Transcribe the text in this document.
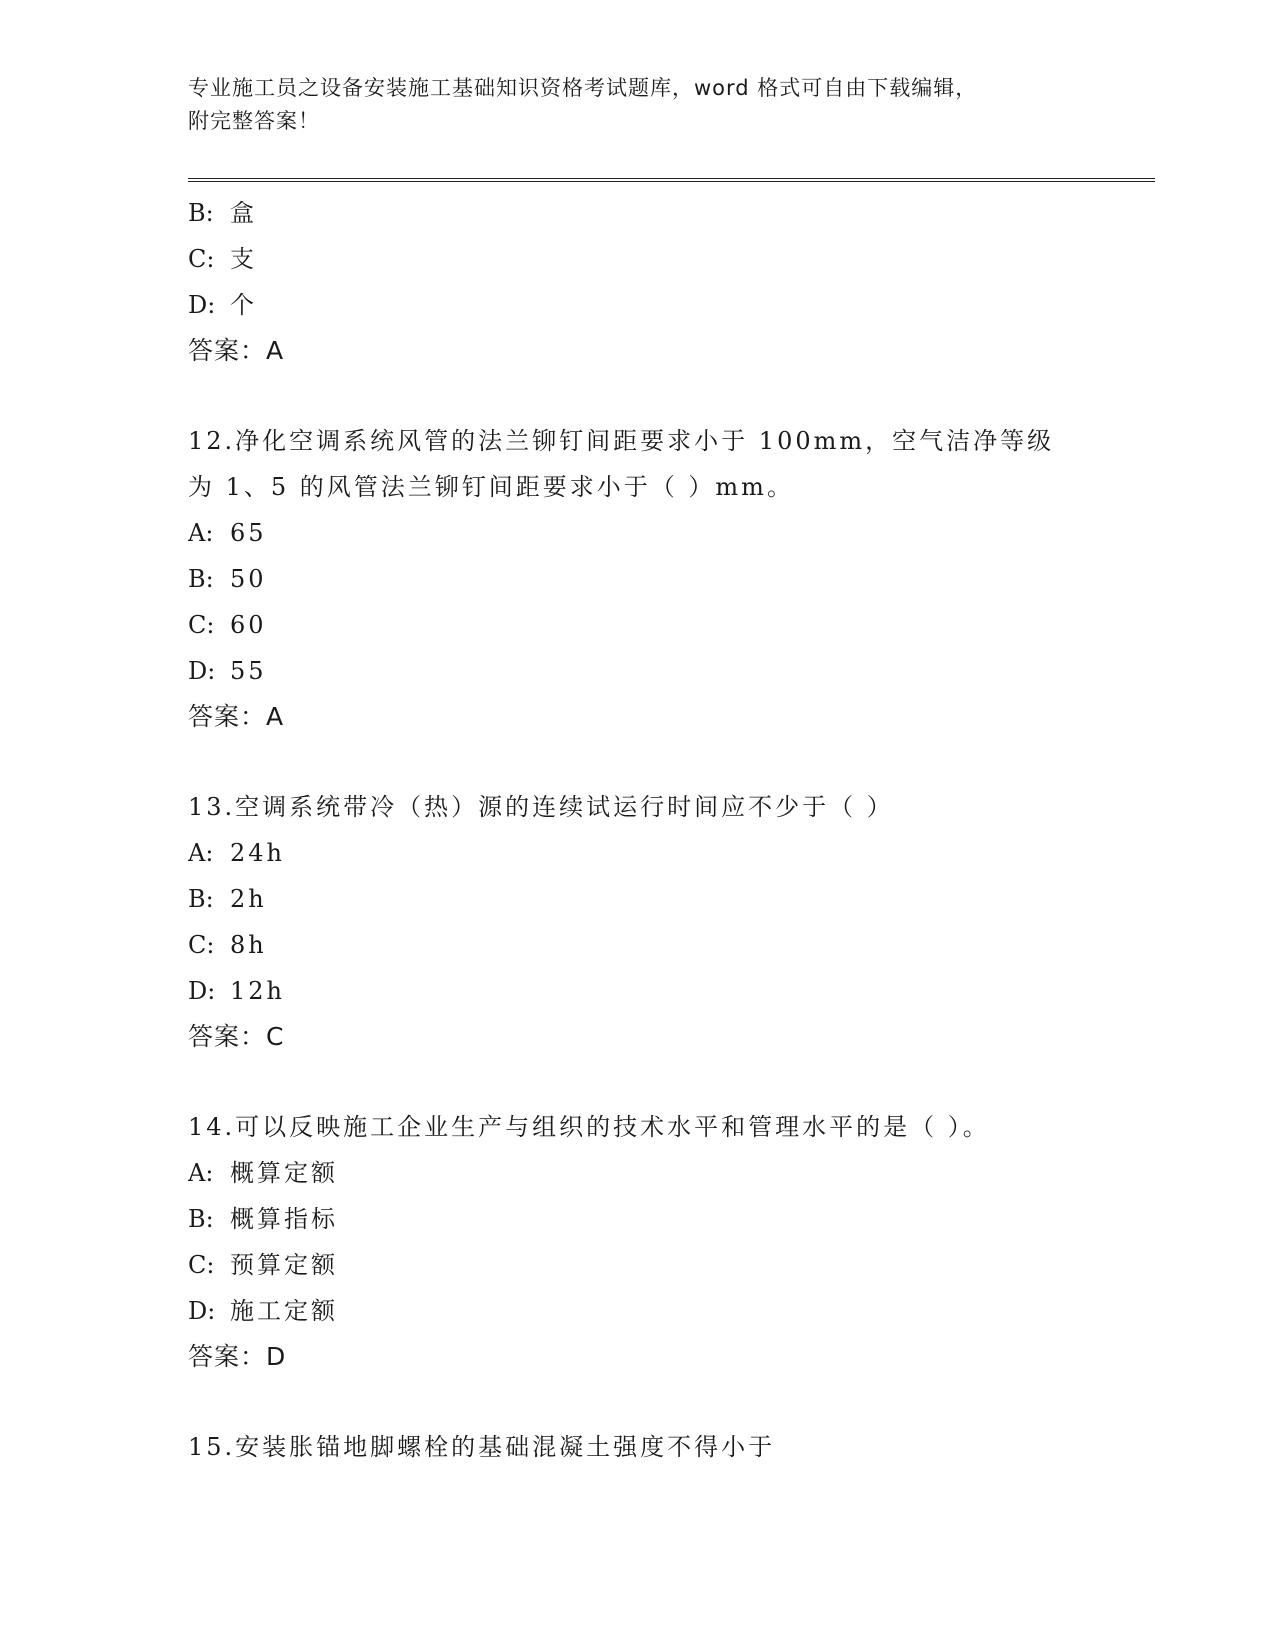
专业施工员之设备安装施工基础知识资格考试题库，word 格式可自由下载编辑，
附完整答案！
B: 盒
C: 支
D: 个
答案：A
12.净化空调系统风管的法兰铆钉间距要求小于 100mm，空气洁净等级
为 1、5 的风管法兰铆钉间距要求小于（ ）mm。
A: 65
B: 50
C: 60
D: 55
答案：A
13.空调系统带冷（热）源的连续试运行时间应不少于（ ）
A: 24h
B: 2h
C: 8h
D: 12h
答案：C
14.可以反映施工企业生产与组织的技术水平和管理水平的是（ ）。
A: 概算定额
B: 概算指标
C: 预算定额
D: 施工定额
答案：D
15.安装胀锚地脚螺栓的基础混凝土强度不得小于
